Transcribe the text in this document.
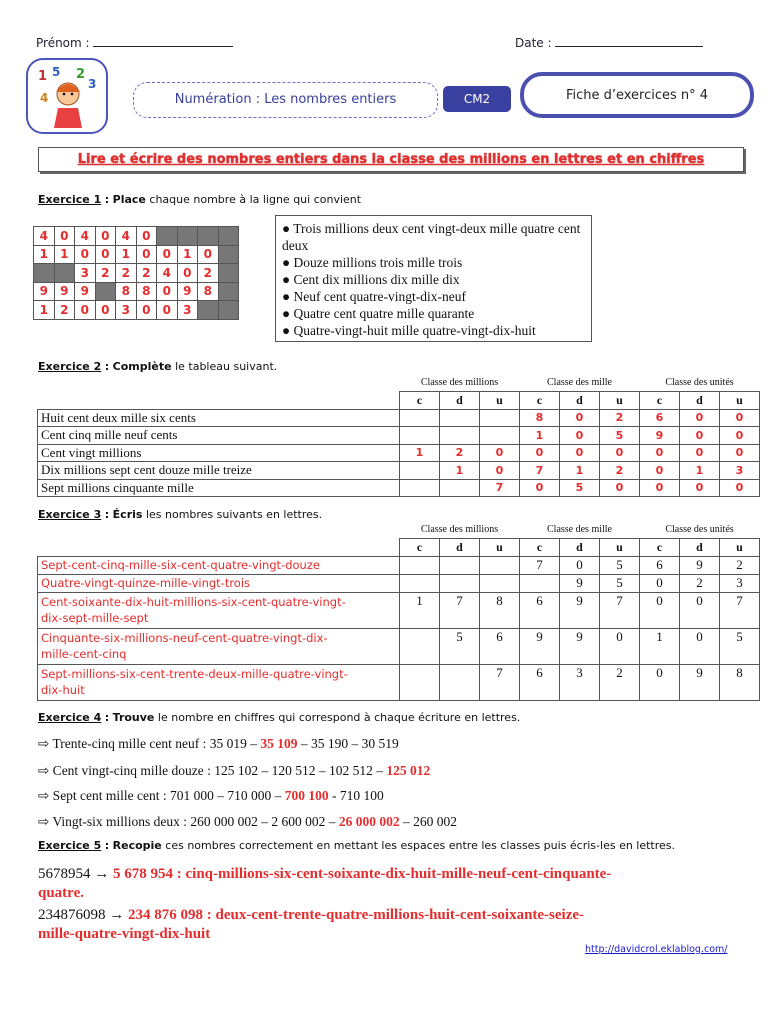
Prénom :	Date :
1 5 2
3
4	Numération : Les nombres entiers	CM2	Fiche d’exercices n° 4
Lire et écrire des nombres entiers dans la classe des millions en lettres et en chiffres
Exercice 1 : Place chaque nombre à la ligne qui convient
4	0	4	0	4	0				
1	1	0	0	1	0	0	1	0	
		3	2	2	2	4	0	2	
9	9	9		8	8	0	9	8	
1	2	0	0	3	0	0	3		
● Trois millions deux cent vingt-deux mille quatre cent deux
● Douze millions trois mille trois
● Cent dix millions dix mille dix
● Neuf cent quatre-vingt-dix-neuf
● Quatre cent quatre mille quarante
● Quatre-vingt-huit mille quatre-vingt-dix-huit
Exercice 2 : Complète le tableau suivant.
	Classe des millions			Classe des mille			Classe des unités		
	c	d	u	c	d	u	c	d	u
Huit cent deux mille six cents				8	0	2	6	0	0
Cent cinq mille neuf cents				1	0	5	9	0	0
Cent vingt millions	1	2	0	0	0	0	0	0	0
Dix millions sept cent douze mille treize		1	0	7	1	2	0	1	3
Sept millions cinquante mille			7	0	5	0	0	0	0
Exercice 3 : Écris les nombres suivants en lettres.
	Classe des millions			Classe des mille			Classe des unités		
	c	d	u	c	d	u	c	d	u
Sept-cent-cinq-mille-six-cent-quatre-vingt-douze				7	0	5	6	9	2
Quatre-vingt-quinze-mille-vingt-trois					9	5	0	2	3
Cent-soixante-dix-huit-millions-six-cent-quatre-vingt-
dix-sept-mille-sept	1	7	8	6	9	7	0	0	7
Cinquante-six-millions-neuf-cent-quatre-vingt-dix-
mille-cent-cinq		5	6	9	9	0	1	0	5
Sept-millions-six-cent-trente-deux-mille-quatre-vingt-
dix-huit			7	6	3	2	0	9	8
Exercice 4 : Trouve le nombre en chiffres qui correspond à chaque écriture en lettres.

⇨ Trente-cinq mille cent neuf : 35 019 – 35 109 – 35 190 – 30 519

⇨ Cent vingt-cinq mille douze : 125 102 – 120 512 – 102 512 – 125 012

⇨ Sept cent mille cent : 701 000 – 710 000 – 700 100 - 710 100

⇨ Vingt-six millions deux : 260 000 002 – 2 600 002 – 26 000 002 – 260 002

Exercice 5 : Recopie ces nombres correctement en mettant les espaces entre les classes puis écris-les en lettres.
5678954 → 5 678 954 : cinq-millions-six-cent-soixante-dix-huit-mille-neuf-cent-cinquante-
quatre.
234876098 → 234 876 098 : deux-cent-trente-quatre-millions-huit-cent-soixante-seize-
mille-quatre-vingt-dix-huit
http://davidcrol.eklablog.com/
